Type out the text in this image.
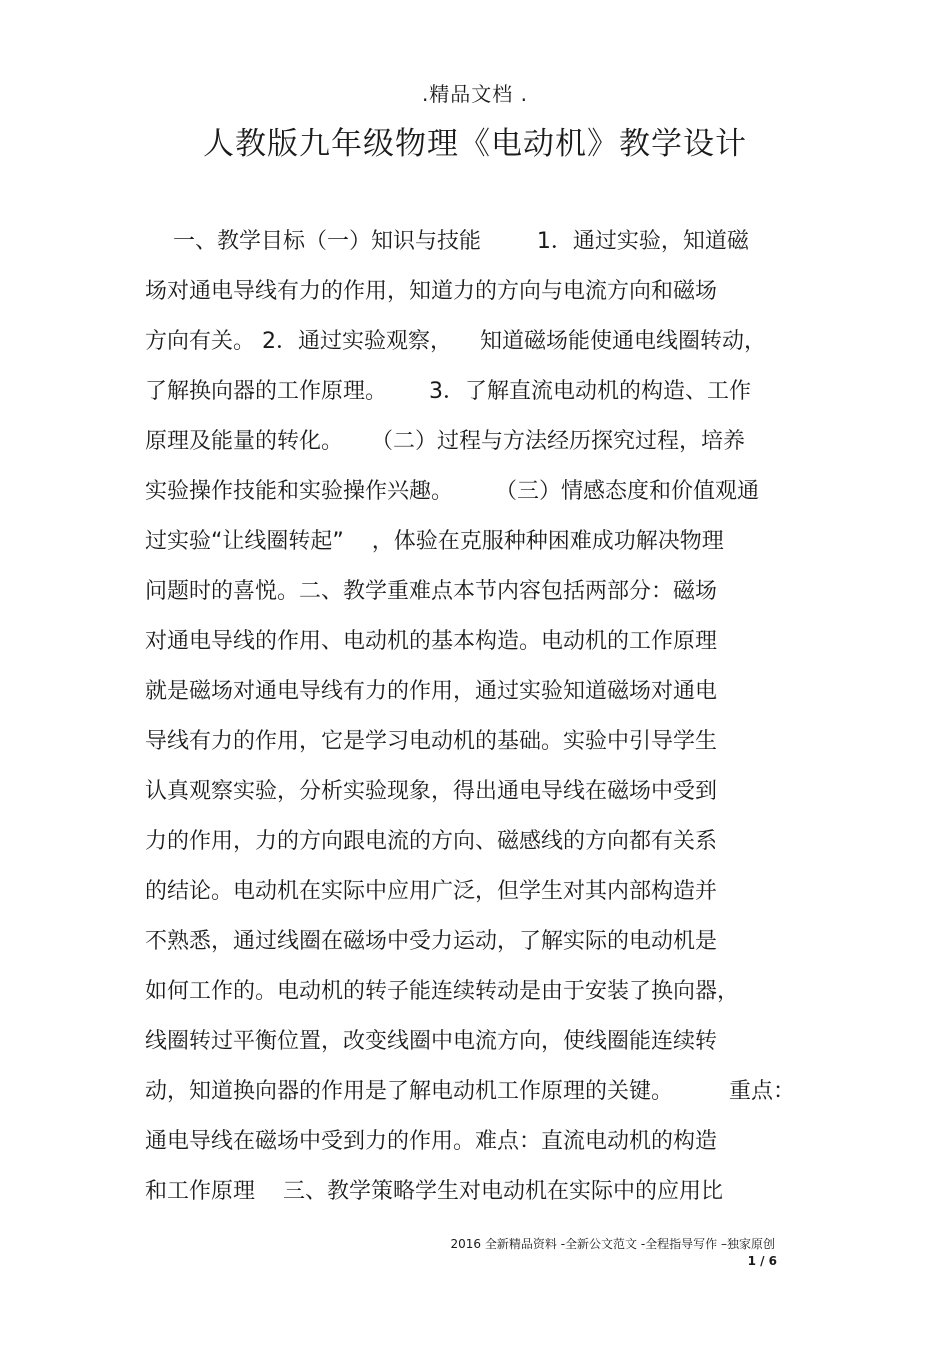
.精品文档 .
人教版九年级物理《电动机》教学设计
一、教学目标（一）知识与技能        1．通过实验，知道磁
场对通电导线有力的作用，知道力的方向与电流方向和磁场
方向有关。 2．通过实验观察，    知道磁场能使通电线圈转动，
了解换向器的工作原理。      3．了解直流电动机的构造、工作
原理及能量的转化。    （二）过程与方法经历探究过程，培养
实验操作技能和实验操作兴趣。      （三）情感态度和价值观通
过实验“让线圈转起”    ，体验在克服种种困难成功解决物理
问题时的喜悦。二、教学重难点本节内容包括两部分：磁场
对通电导线的作用、电动机的基本构造。电动机的工作原理
就是磁场对通电导线有力的作用，通过实验知道磁场对通电
导线有力的作用，它是学习电动机的基础。实验中引导学生
认真观察实验，分析实验现象，得出通电导线在磁场中受到
力的作用，力的方向跟电流的方向、磁感线的方向都有关系
的结论。电动机在实际中应用广泛，但学生对其内部构造并
不熟悉，通过线圈在磁场中受力运动，了解实际的电动机是
如何工作的。电动机的转子能连续转动是由于安装了换向器，
线圈转过平衡位置，改变线圈中电流方向，使线圈能连续转
动，知道换向器的作用是了解电动机工作原理的关键。        重点：
通电导线在磁场中受到力的作用。难点：直流电动机的构造
和工作原理    三、教学策略学生对电动机在实际中的应用比
2016 全新精品资料 -全新公文范文 -全程指导写作 –独家原创
1 / 6
